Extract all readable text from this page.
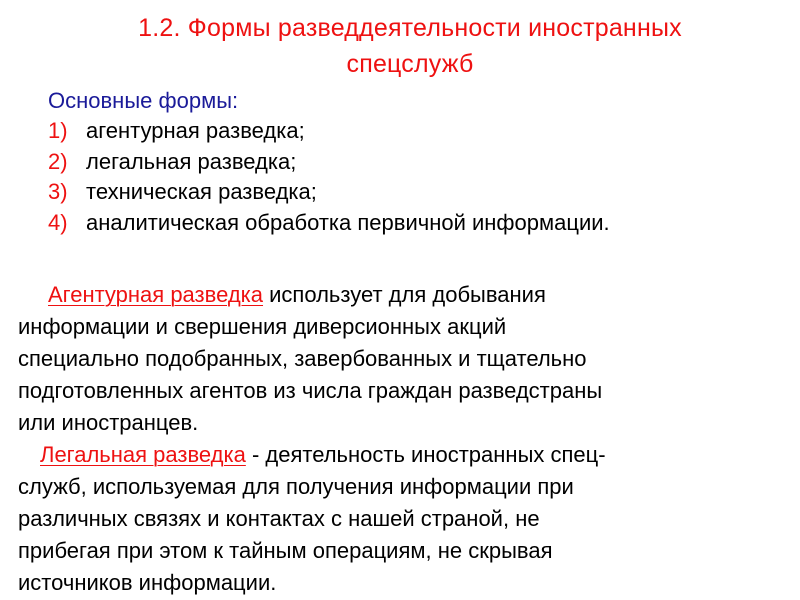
1.2. Формы разведдеятельности иностранных
спецслужб
Основные формы:
1) агентурная разведка;
2) легальная разведка;
3) техническая разведка;
4) аналитическая обработка первичной информации.

Агентурная разведка использует для добывания
информации и свершения диверсионных акций
специально подобранных, завербованных и тщательно
подготовленных агентов из числа граждан разведстраны
или иностранцев.

Легальная разведка - деятельность иностранных спец-
служб, используемая для получения информации при
различных связях и контактах с нашей страной, не
прибегая при этом к тайным операциям, не скрывая
источников информации.
